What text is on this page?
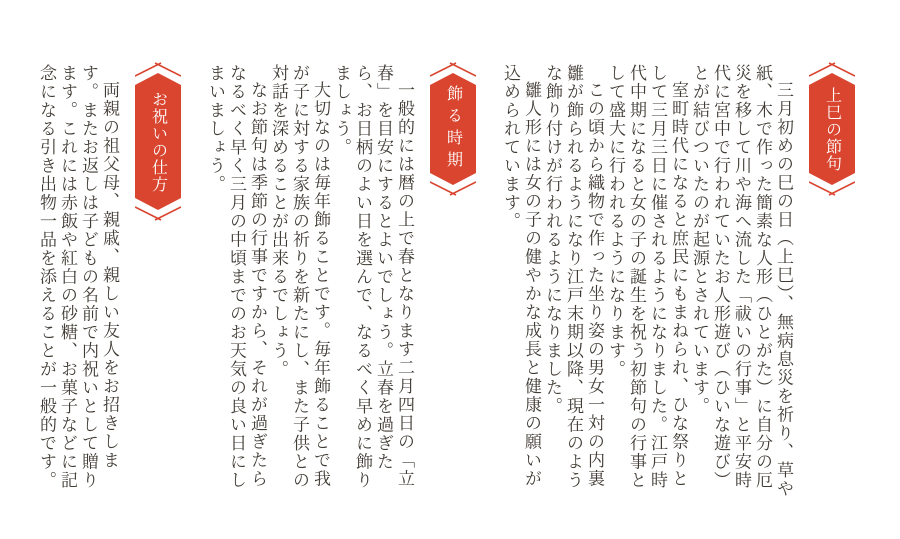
上巳の節句

三月初めの巳の日（上巳）、無病息災を祈り、草や紙、木で作った簡素な人形（ひとがた）に自分の厄災を移して川や海へ流した「祓いの行事」と平安時代に宮中で行われていたお人形遊び（ひいな遊び）とが結びついたのが起源とされています。

室町時代になると庶民にもまねられ、ひな祭りとして三月三日に催されるようになりました。江戸時代中期になると女の子の誕生を祝う初節句の行事として盛大に行われるようになります。

この頃から織物で作った坐り姿の男女一対の内裏雛が飾られるようになり江戸末期以降、現在のような飾り付けが行われるようになりました。

雛人形には女の子の健やかな成長と健康の願いが込められています。

飾る時期

一般的には暦の上で春となります二月四日の「立春」を目安にするとよいでしょう。立春を過ぎたら、お日柄のよい日を選んで、なるべく早めに飾りましょう。

大切なのは毎年飾ることです。毎年飾ることで我が子に対する家族の祈りを新たにし、また子供との対話を深めることが出来るでしょう。

なお節句は季節の行事ですから、それが過ぎたらなるべく早く三月の中頃までのお天気の良い日にしまいましょう。

お祝いの仕方

両親の祖父母、親戚、親しい友人をお招きします。またお返しは子どもの名前で内祝いとして贈ります。これには赤飯や紅白の砂糖、お菓子などに記念になる引き出物一品を添えることが一般的です。
